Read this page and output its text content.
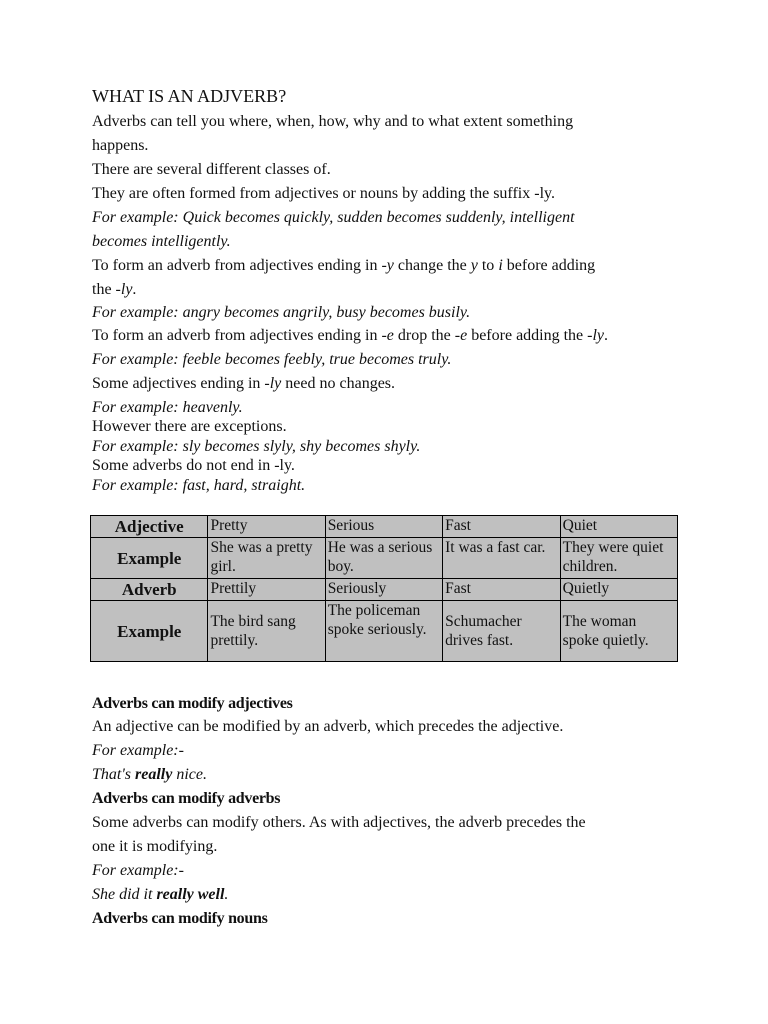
WHAT IS AN ADJVERB?
Adverbs can tell you where, when, how, why and to what extent something
happens.
There are several different classes of.
They are often formed from adjectives or nouns by adding the suffix -ly.
For example: Quick becomes quickly, sudden becomes suddenly, intelligent
becomes intelligently.
To form an adverb from adjectives ending in -y change the y to i before adding
the -ly.
For example: angry becomes angrily, busy becomes busily.
To form an adverb from adjectives ending in -e drop the -e before adding the -ly.
For example: feeble becomes feebly, true becomes truly.
Some adjectives ending in -ly need no changes.
For example: heavenly.
However there are exceptions.
For example: sly becomes slyly, shy becomes shyly.
Some adverbs do not end in -ly.
For example: fast, hard, straight.
Adverbs can modify adjectives
An adjective can be modified by an adverb, which precedes the adjective.
For example:-
That's really nice.
Adverbs can modify adverbs
Some adverbs can modify others. As with adjectives, the adverb precedes the
one it is modifying.
For example:-
She did it really well.
Adverbs can modify nouns
Adjective	Pretty	Serious	Fast	Quiet
Example	She was a pretty girl.	He was a serious boy.	It was a fast car.	They were quiet children.
Adverb	Prettily	Seriously	Fast	Quietly
Example	The bird sang prettily.	The policeman spoke seriously.	Schumacher drives fast.	The woman spoke quietly.
